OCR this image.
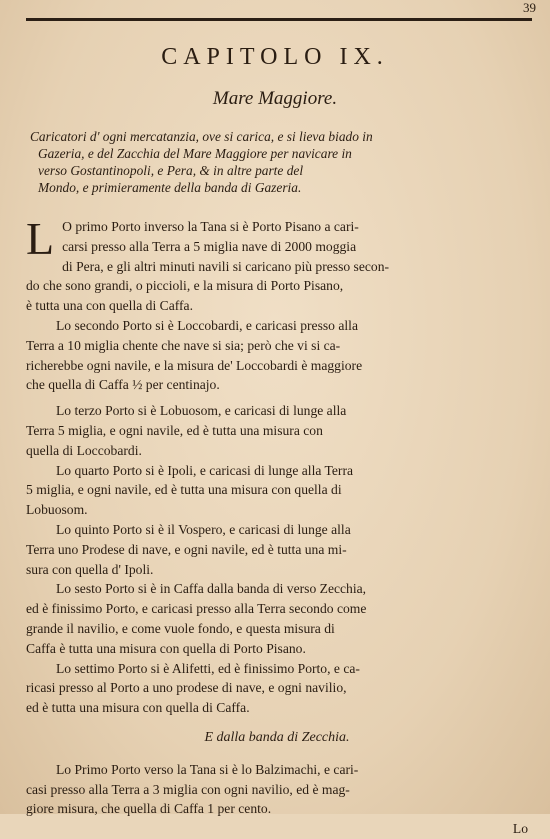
39
CAPITOLO IX.
Mare Maggiore.
Caricatori d' ogni mercatanzia, ove si carica, e si lieva biado in
Gazeria, e del Zacchia del Mare Maggiore per navicare in
verso Gostantinopoli, e Pera, & in altre parte del
Mondo, e primieramente della banda di Gazeria.
L O primo Porto inverso la Tana si è Porto Pisano a cari-
carsi presso alla Terra a 5 miglia nave di 2000 moggia
di Pera, e gli altri minuti navili si caricano più presso secon-
do che sono grandi, o piccioli, e la misura di Porto Pisano,
è tutta una con quella di Caffa.
Lo secondo Porto si è Loccobardi, e caricasi presso alla
Terra a 10 miglia chente che nave si sia; però che vi si ca-
richerebbe ogni navile, e la misura de' Loccobardi è maggiore
che quella di Caffa ½ per centinajo.
Lo terzo Porto si è Lobuosom, e caricasi di lunge alla
Terra 5 miglia, e ogni navile, ed è tutta una misura con
quella di Loccobardi.
Lo quarto Porto si è Ipoli, e caricasi di lunge alla Terra
5 miglia, e ogni navile, ed è tutta una misura con quella di
Lobuosom.
Lo quinto Porto si è il Vospero, e caricasi di lunge alla
Terra uno Prodese di nave, e ogni navile, ed è tutta una mi-
sura con quella d' Ipoli.
Lo sesto Porto si è in Caffa dalla banda di verso Zecchia,
ed è finissimo Porto, e caricasi presso alla Terra secondo come
grande il navilio, e come vuole fondo, e questa misura di
Caffa è tutta una misura con quella di Porto Pisano.
Lo settimo Porto si è Alifetti, ed è finissimo Porto, e ca-
ricasi presso al Porto a uno prodese di nave, e ogni navilio,
ed è tutta una misura con quella di Caffa.
E dalla banda di Zecchia.
Lo Primo Porto verso la Tana si è lo Balzimachi, e cari-
casi presso alla Terra a 3 miglia con ogni navilio, ed è mag-
giore misura, che quella di Caffa 1 per cento.
Lo
